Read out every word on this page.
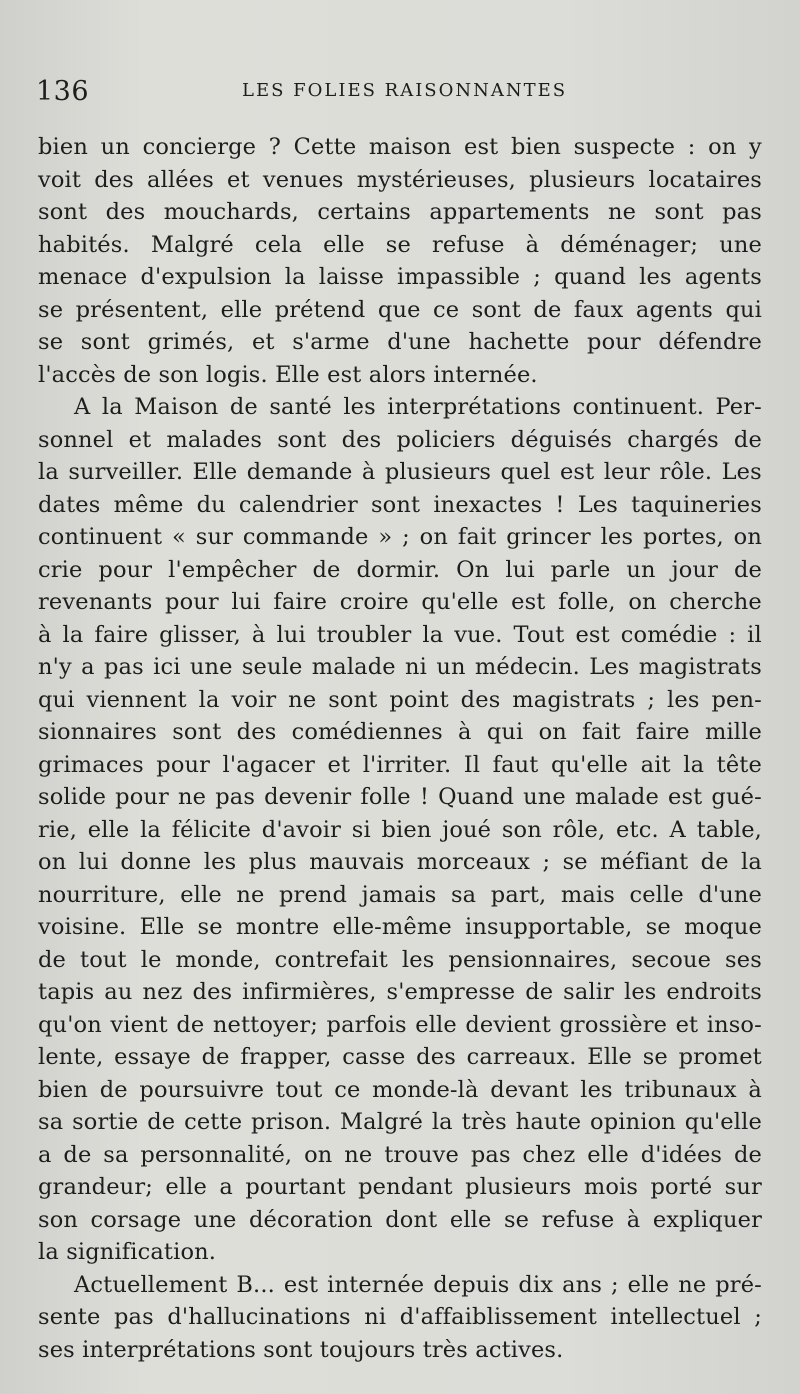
136	LES FOLIES RAISONNANTES
bien un concierge ? Cette maison est bien suspecte : on y
voit des allées et venues mystérieuses, plusieurs locataires
sont des mouchards, certains appartements ne sont pas
habités. Malgré cela elle se refuse à déménager; une
menace d'expulsion la laisse impassible ; quand les agents
se présentent, elle prétend que ce sont de faux agents qui
se sont grimés, et s'arme d'une hachette pour défendre
l'accès de son logis. Elle est alors internée.
A la Maison de santé les interprétations continuent. Per-
sonnel et malades sont des policiers déguisés chargés de
la surveiller. Elle demande à plusieurs quel est leur rôle. Les
dates même du calendrier sont inexactes ! Les taquineries
continuent « sur commande » ; on fait grincer les portes, on
crie pour l'empêcher de dormir. On lui parle un jour de
revenants pour lui faire croire qu'elle est folle, on cherche
à la faire glisser, à lui troubler la vue. Tout est comédie : il
n'y a pas ici une seule malade ni un médecin. Les magistrats
qui viennent la voir ne sont point des magistrats ; les pen-
sionnaires sont des comédiennes à qui on fait faire mille
grimaces pour l'agacer et l'irriter. Il faut qu'elle ait la tête
solide pour ne pas devenir folle ! Quand une malade est gué-
rie, elle la félicite d'avoir si bien joué son rôle, etc. A table,
on lui donne les plus mauvais morceaux ; se méfiant de la
nourriture, elle ne prend jamais sa part, mais celle d'une
voisine. Elle se montre elle-même insupportable, se moque
de tout le monde, contrefait les pensionnaires, secoue ses
tapis au nez des infirmières, s'empresse de salir les endroits
qu'on vient de nettoyer; parfois elle devient grossière et inso-
lente, essaye de frapper, casse des carreaux. Elle se promet
bien de poursuivre tout ce monde-là devant les tribunaux à
sa sortie de cette prison. Malgré la très haute opinion qu'elle
a de sa personnalité, on ne trouve pas chez elle d'idées de
grandeur; elle a pourtant pendant plusieurs mois porté sur
son corsage une décoration dont elle se refuse à expliquer
la signification.
Actuellement B... est internée depuis dix ans ; elle ne pré-
sente pas d'hallucinations ni d'affaiblissement intellectuel ;
ses interprétations sont toujours très actives.
